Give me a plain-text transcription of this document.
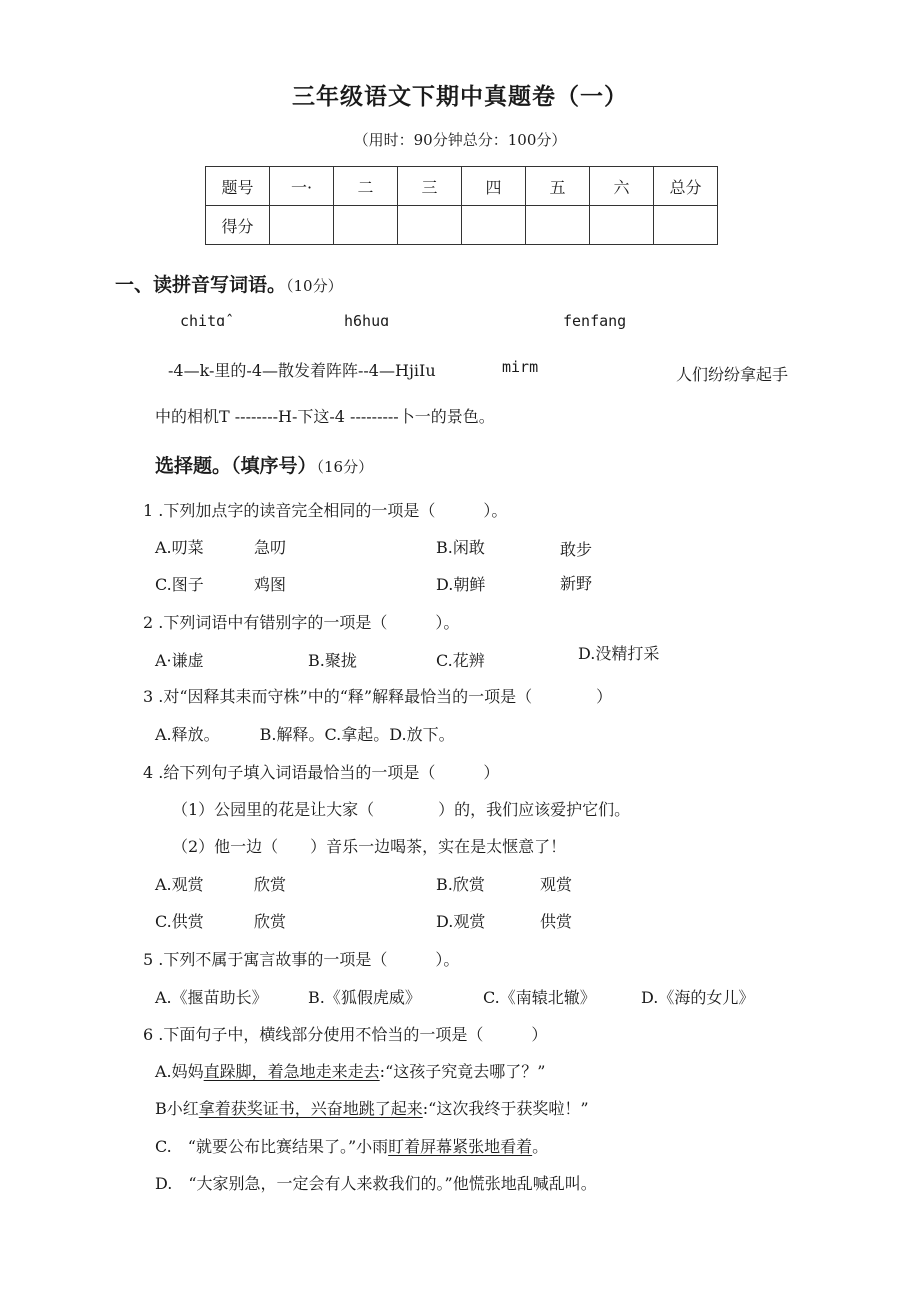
三年级语文下期中真题卷（一）
（用时：90分钟总分：100分）
题号	一·	二	三	四	五	六	总分
得分							
一、读拼音写词语。（10分）
chitɑˆ	h6huɑ	fenfang
-4—k-里的-4—散发着阵阵--4—HjiIu	mirm	人们纷纷拿起手
中的相机T --------H-下这-4 ---------卜一的景色。
选择题。（填序号）（16分）
1 .下列加点字的读音完全相同的一项是（　　　）。
A.叨菜	急叨	B.闲敢	敢步
C.图子	鸡图	D.朝鲜	新野
2 .下列词语中有错别字的一项是（　　　）。
A·谦虚	B.聚拢	C.花辨	D.没精打采
3 .对“因释其耒而守株”中的“释”解释最恰当的一项是（　　　　）
A.释放。　　　B.解释。C.拿起。D.放下。
4 .给下列句子填入词语最恰当的一项是（　　　）
（1）公园里的花是让大家（　　　　）的，我们应该爱护它们。
（2）他一边（　　）音乐一边喝茶，实在是太惬意了！
A.观赏	欣赏	B.欣赏	观赏
C.供赏	欣赏	D.观赏	供赏
5 .下列不属于寓言故事的一项是（　　　）。
A.《揠苗助长》	B.《狐假虎威》	C.《南辕北辙》	D.《海的女儿》
6 .下面句子中，横线部分使用不恰当的一项是（　　　）
A.妈妈直跺脚，着急地走来走去:“这孩子究竟去哪了？”
B小红拿着获奖证书，兴奋地跳了起来:“这次我终于获奖啦！”
C.　“就要公布比赛结果了。”小雨盯着屏幕紧张地看着。
D.　“大家别急，一定会有人来救我们的。”他慌张地乱喊乱叫。
